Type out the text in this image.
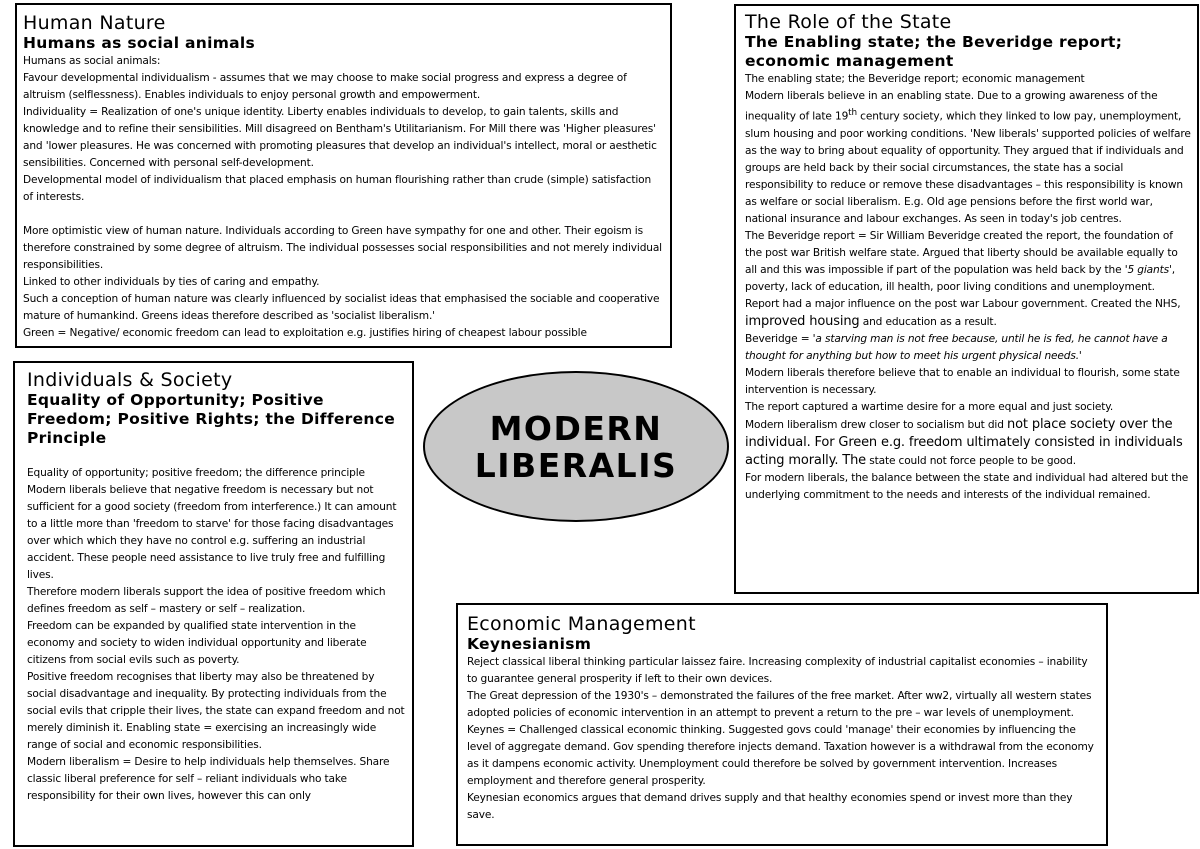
Human Nature
Humans as social animals

Humans as social animals:

Favour developmental individualism - assumes that we may choose to make social progress and express a degree of altruism (selflessness). Enables individuals to enjoy personal growth and empowerment.

Individuality = Realization of one's unique identity. Liberty enables individuals to develop, to gain talents, skills and knowledge and to refine their sensibilities. Mill disagreed on Bentham's Utilitarianism. For Mill there was 'Higher pleasures' and 'lower pleasures. He was concerned with promoting pleasures that develop an individual's intellect, moral or aesthetic sensibilities. Concerned with personal self-development.

Developmental model of individualism that placed emphasis on human flourishing rather than crude (simple) satisfaction of interests.

More optimistic view of human nature. Individuals according to Green have sympathy for one and other. Their egoism is therefore constrained by some degree of altruism. The individual possesses social responsibilities and not merely individual responsibilities.

Linked to other individuals by ties of caring and empathy.

Such a conception of human nature was clearly influenced by socialist ideas that emphasised the sociable and cooperative mature of humankind. Greens ideas therefore described as 'socialist liberalism.'

Green = Negative/ economic freedom can lead to exploitation e.g. justifies hiring of cheapest labour possible

The Role of the State
The Enabling state; the Beveridge report; economic management

The enabling state; the Beveridge report; economic management

Modern liberals believe in an enabling state. Due to a growing awareness of the inequality of late 19th century society, which they linked to low pay, unemployment, slum housing and poor working conditions. 'New liberals' supported policies of welfare as the way to bring about equality of opportunity. They argued that if individuals and groups are held back by their social circumstances, the state has a social responsibility to reduce or remove these disadvantages – this responsibility is known as welfare or social liberalism. E.g. Old age pensions before the first world war, national insurance and labour exchanges. As seen in today's job centres.

The Beveridge report = Sir William Beveridge created the report, the foundation of the post war British welfare state. Argued that liberty should be available equally to all and this was impossible if part of the population was held back by the '5 giants', poverty, lack of education, ill health, poor living conditions and unemployment. Report had a major influence on the post war Labour government. Created the NHS, improved housing and education as a result.

Beveridge = 'a starving man is not free because, until he is fed, he cannot have a thought for anything but how to meet his urgent physical needs.'

Modern liberals therefore believe that to enable an individual to flourish, some state intervention is necessary.

The report captured a wartime desire for a more equal and just society.

Modern liberalism drew closer to socialism but did not place society over the individual. For Green e.g. freedom ultimately consisted in individuals acting morally. The state could not force people to be good.

For modern liberals, the balance between the state and individual had altered but the underlying commitment to the needs and interests of the individual remained.

Individuals & Society
Equality of Opportunity; Positive Freedom; Positive Rights; the Difference Principle

Equality of opportunity; positive freedom; the difference principle

Modern liberals believe that negative freedom is necessary but not sufficient for a good society (freedom from interference.) It can amount to a little more than 'freedom to starve' for those facing disadvantages over which which they have no control e.g. suffering an industrial accident. These people need assistance to live truly free and fulfilling lives.

Therefore modern liberals support the idea of positive freedom which defines freedom as self – mastery or self – realization.

Freedom can be expanded by qualified state intervention in the economy and society to widen individual opportunity and liberate citizens from social evils such as poverty.

Positive freedom recognises that liberty may also be threatened by social disadvantage and inequality. By protecting individuals from the social evils that cripple their lives, the state can expand freedom and not merely diminish it. Enabling state = exercising an increasingly wide range of social and economic responsibilities.

Modern liberalism = Desire to help individuals help themselves. Share classic liberal preference for self – reliant individuals who take responsibility for their own lives, however this can only

Economic Management
Keynesianism

Reject classical liberal thinking particular laissez faire. Increasing complexity of industrial capitalist economies – inability to guarantee general prosperity if left to their own devices.

The Great depression of the 1930's – demonstrated the failures of the free market. After ww2, virtually all western states adopted policies of economic intervention in an attempt to prevent a return to the pre – war levels of unemployment.

Keynes = Challenged classical economic thinking. Suggested govs could 'manage' their economies by influencing the level of aggregate demand. Gov spending therefore injects demand. Taxation however is a withdrawal from the economy as it dampens economic activity. Unemployment could therefore be solved by government intervention. Increases employment and therefore general prosperity.

Keynesian economics argues that demand drives supply and that healthy economies spend or invest more than they save.

MODERN
LIBERALIS
